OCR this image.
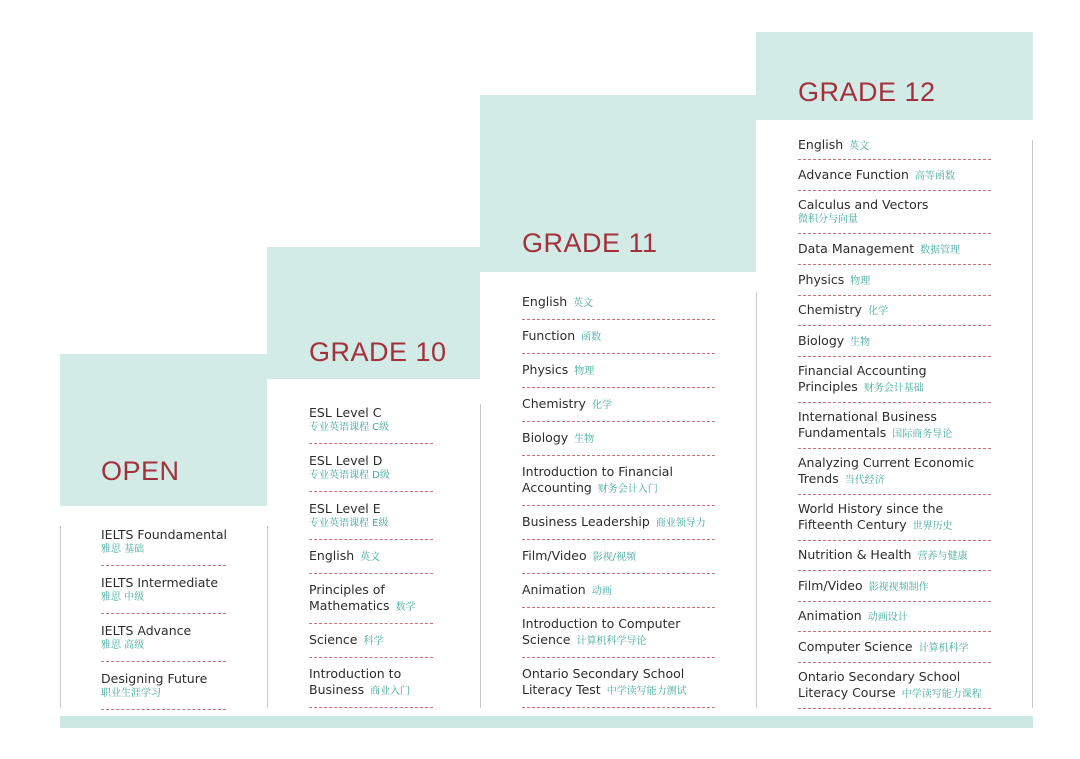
OPEN
GRADE 10
GRADE 11
GRADE 12
IELTS Foundamental
雅思 基础
IELTS Intermediate
雅思 中级
IELTS Advance
雅思 高级
Designing Future
职业生涯学习
ESL Level C
专业英语课程 C级
ESL Level D
专业英语课程 D级
ESL Level E
专业英语课程 E级
English 英文
Principles of
Mathematics 数学
Science 科学
Introduction to
Business 商业入门
English 英文
Function 函数
Physics 物理
Chemistry 化学
Biology 生物
Introduction to Financial
Accounting 财务会计入门
Business Leadership 商业领导力
Film/Video 影视/视频
Animation 动画
Introduction to Computer
Science 计算机科学导论
Ontario Secondary School
Literacy Test 中学读写能力测试
English 英文
Advance Function 高等函数
Calculus and Vectors
微积分与向量
Data Management 数据管理
Physics 物理
Chemistry 化学
Biology 生物
Financial Accounting
Principles 财务会计基础
International Business
Fundamentals 国际商务导论
Analyzing Current Economic
Trends 当代经济
World History since the
Fifteenth Century 世界历史
Nutrition & Health 营养与健康
Film/Video 影视视频制作
Animation 动画设计
Computer Science 计算机科学
Ontario Secondary School
Literacy Course 中学读写能力课程
